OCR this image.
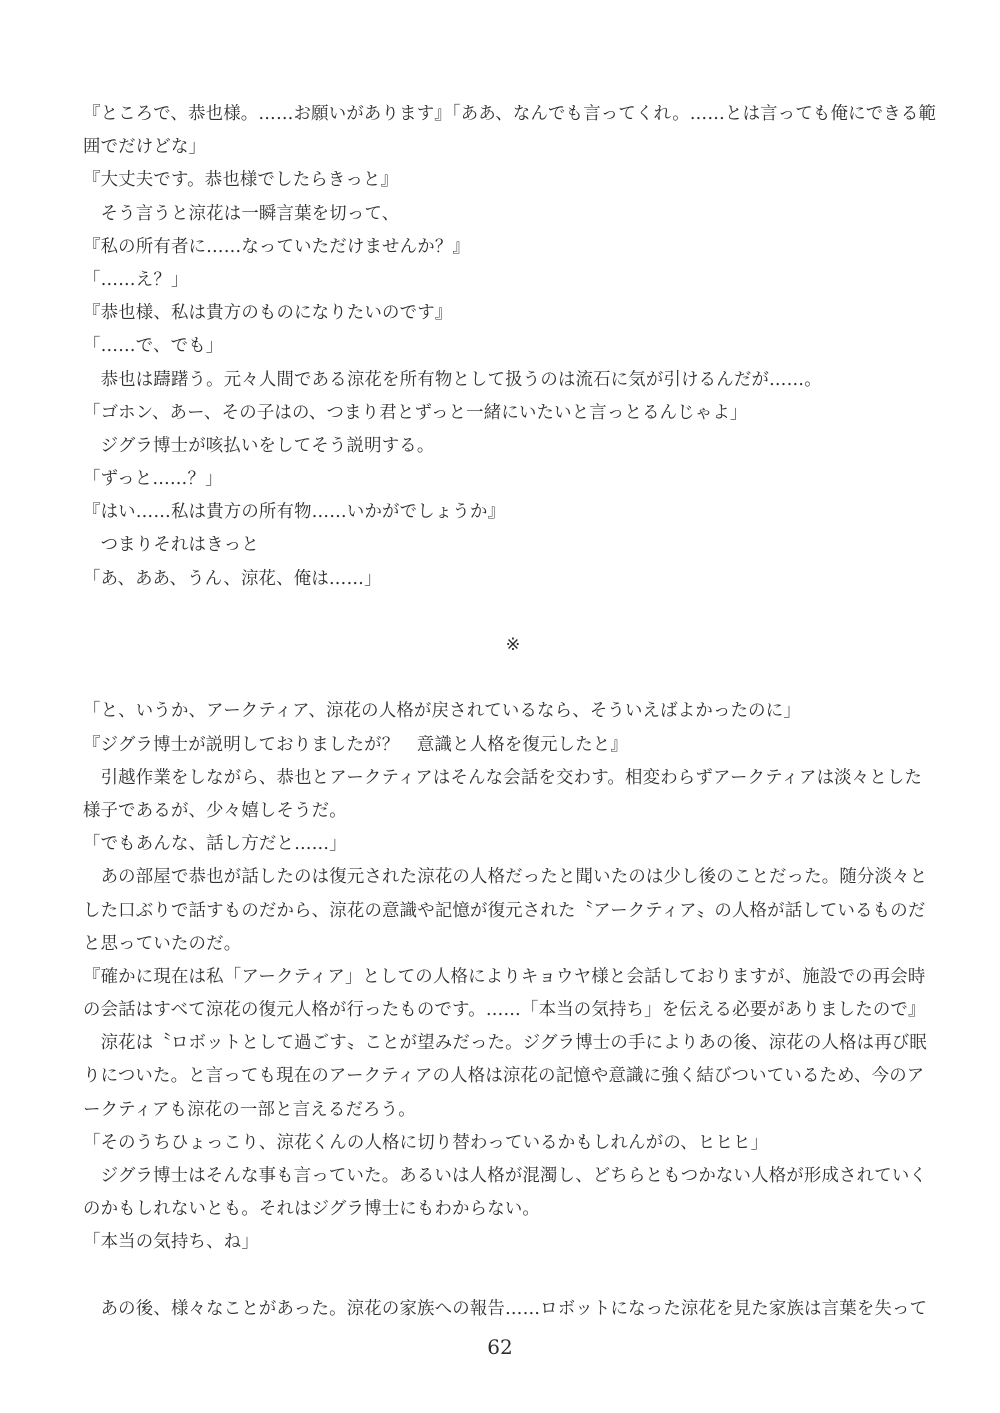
『ところで、恭也様。……お願いがあります』「ああ、なんでも言ってくれ。……とは言っても俺にできる範
囲でだけどな」
『大丈夫です。恭也様でしたらきっと』
　そう言うと涼花は一瞬言葉を切って、
『私の所有者に……なっていただけませんか？』
「……え？」
『恭也様、私は貴方のものになりたいのです』
「……で、でも」
　恭也は躊躇う。元々人間である涼花を所有物として扱うのは流石に気が引けるんだが……。
「ゴホン、あー、その子はの、つまり君とずっと一緒にいたいと言っとるんじゃよ」
　ジグラ博士が咳払いをしてそう説明する。
「ずっと……？」
『はい……私は貴方の所有物……いかがでしょうか』
　つまりそれはきっと
「あ、ああ、うん、涼花、俺は……」
※
「と、いうか、アークティア、涼花の人格が戻されているなら、そういえばよかったのに」
『ジグラ博士が説明しておりましたが？　意識と人格を復元したと』
　引越作業をしながら、恭也とアークティアはそんな会話を交わす。相変わらずアークティアは淡々とした
様子であるが、少々嬉しそうだ。
「でもあんな、話し方だと……」
　あの部屋で恭也が話したのは復元された涼花の人格だったと聞いたのは少し後のことだった。随分淡々と
した口ぶりで話すものだから、涼花の意識や記憶が復元された〝アークティア〟の人格が話しているものだ
と思っていたのだ。
『確かに現在は私「アークティア」としての人格によりキョウヤ様と会話しておりますが、施設での再会時
の会話はすべて涼花の復元人格が行ったものです。……「本当の気持ち」を伝える必要がありましたので』
　涼花は〝ロボットとして過ごす〟ことが望みだった。ジグラ博士の手によりあの後、涼花の人格は再び眠
りについた。と言っても現在のアークティアの人格は涼花の記憶や意識に強く結びついているため、今のア
ークティアも涼花の一部と言えるだろう。
「そのうちひょっこり、涼花くんの人格に切り替わっているかもしれんがの、ヒヒヒ」
　ジグラ博士はそんな事も言っていた。あるいは人格が混濁し、どちらともつかない人格が形成されていく
のかもしれないとも。それはジグラ博士にもわからない。
「本当の気持ち、ね」
　あの後、様々なことがあった。涼花の家族への報告……ロボットになった涼花を見た家族は言葉を失って
62
